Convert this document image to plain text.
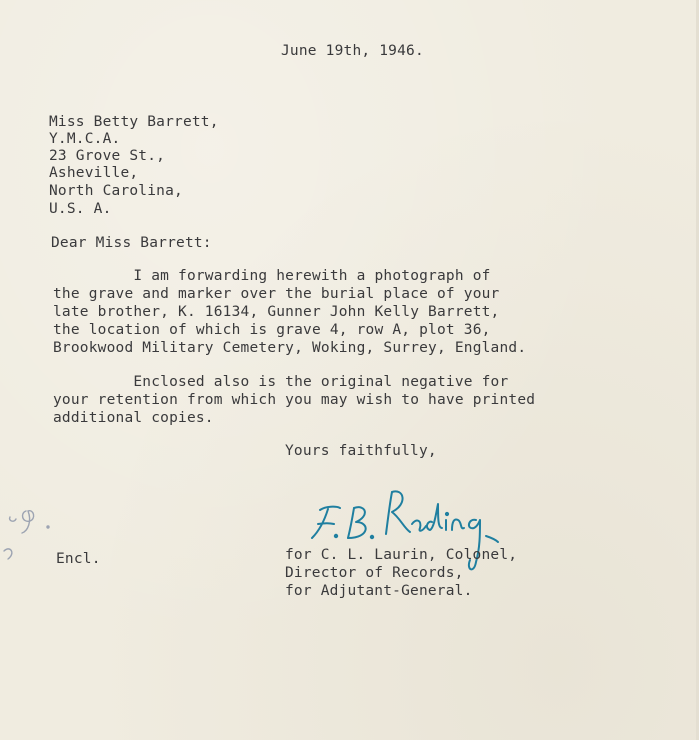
June 19th, 1946.
Miss Betty Barrett,
Y.M.C.A.
23 Grove St.,
Asheville,
North Carolina,
U.S. A.
Dear Miss Barrett:
I am forwarding herewith a photograph of
the grave and marker over the burial place of your
late brother, K. 16134, Gunner John Kelly Barrett,
the location of which is grave 4, row A, plot 36,
Brookwood Military Cemetery, Woking, Surrey, England.
Enclosed also is the original negative for
your retention from which you may wish to have printed
additional copies.
Yours faithfully,
Encl.	for C. L. Laurin, Colonel,
Director of Records,
for Adjutant-General.
